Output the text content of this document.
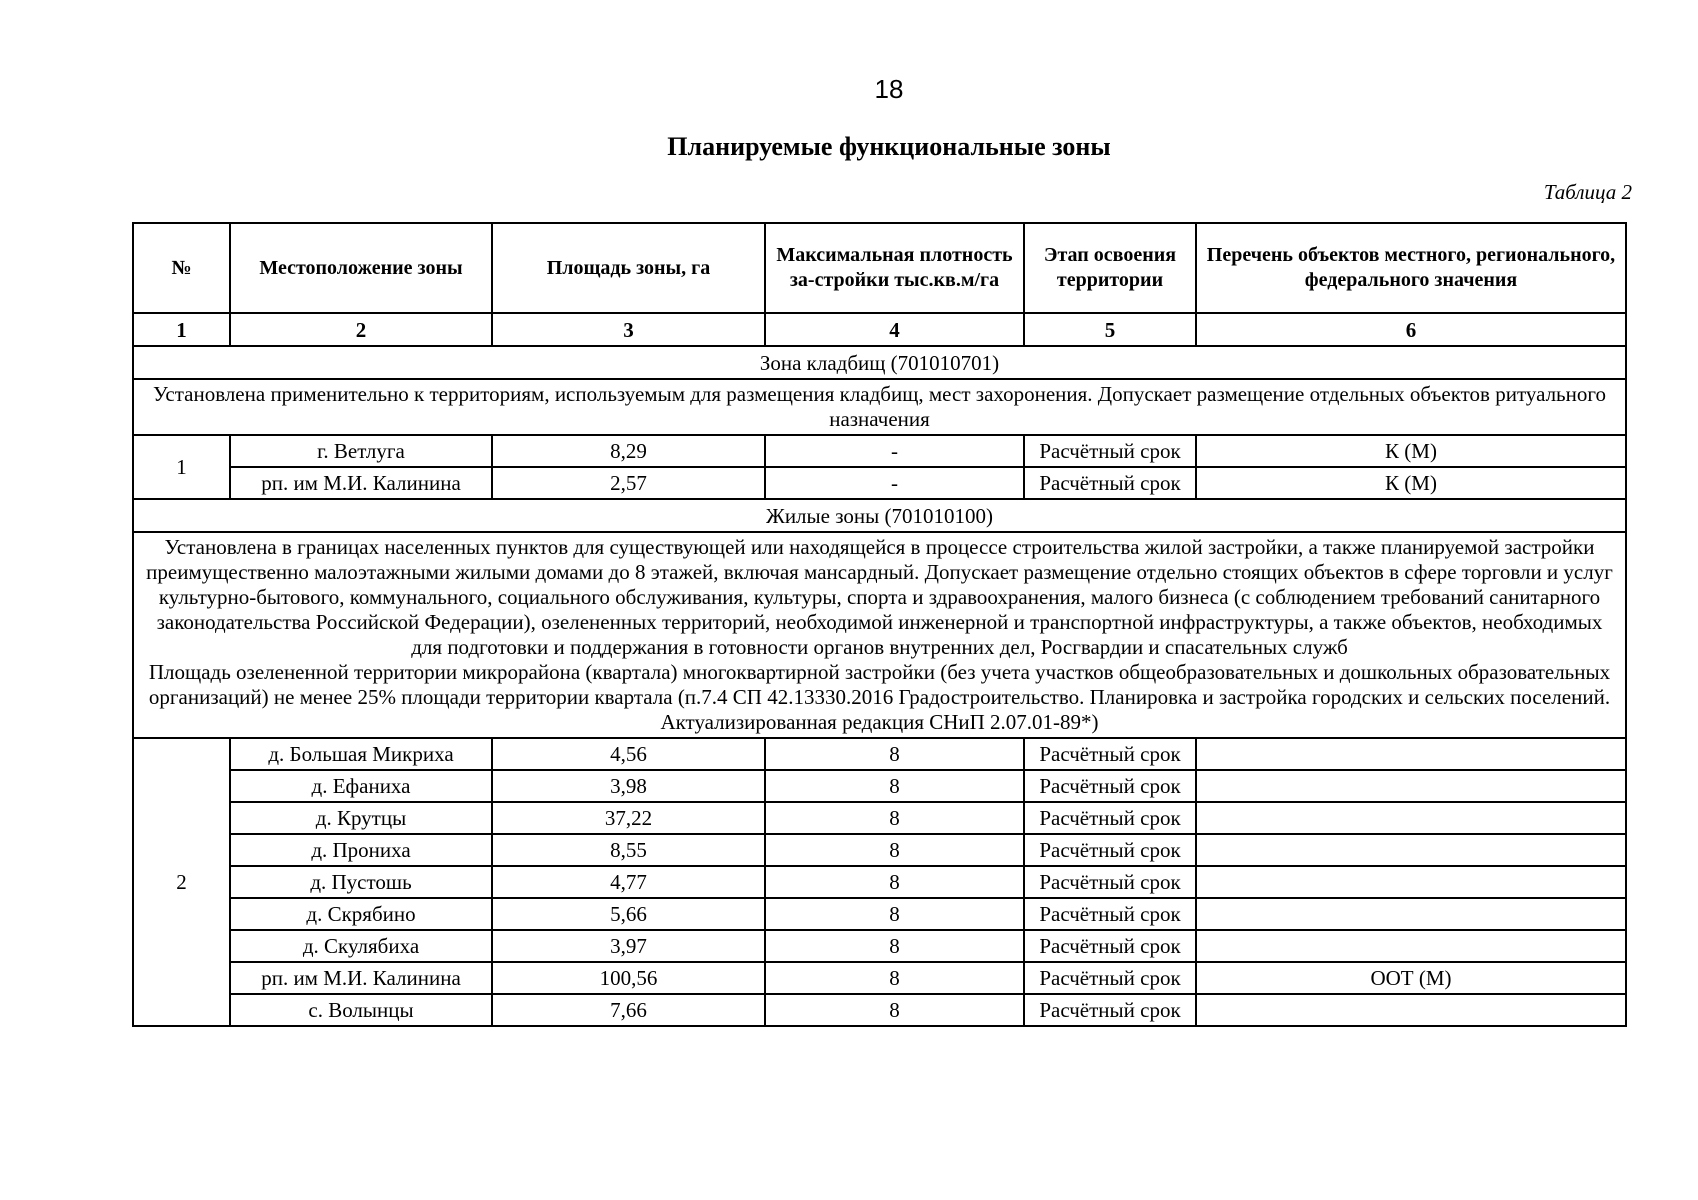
18
Планируемые функциональные зоны
Таблица 2
№	Местоположение зоны	Площадь зоны, га	Максимальная плотность за-стройки тыс.кв.м/га	Этап освоения территории	Перечень объектов местного, регионального, федерального значения
1	2	3	4	5	6
Зона кладбищ (701010701)					
Установлена применительно к территориям, используемым для размещения кладбищ, мест захоронения. Допускает размещение отдельных объектов ритуального назначения					
1	г. Ветлуга	8,29	-	Расчётный срок	К (М)
	рп. им М.И. Калинина	2,57	-	Расчётный срок	К (М)
Жилые зоны (701010100)					
Установлена в границах населенных пунктов для существующей или находящейся в процессе строительства жилой застройки, а также планируемой застройки преимущественно малоэтажными жилыми домами до 8 этажей, включая мансардный. Допускает размещение отдельно стоящих объектов в сфере торговли и услуг культурно-бытового, коммунального, социального обслуживания, культуры, спорта и здравоохранения, малого бизнеса (с соблюдением требований санитарного законодательства Российской Федерации), озелененных территорий, необходимой инженерной и транспортной инфраструктуры, а также объектов, необходимых для подготовки и поддержания в готовности органов внутренних дел, Росгвардии и спасательных служб
Площадь озелененной территории микрорайона (квартала) многоквартирной застройки (без учета участков общеобразовательных и дошкольных образовательных организаций) не менее 25% площади территории квартала (п.7.4 СП 42.13330.2016 Градостроительство. Планировка и застройка городских и сельских поселений. Актуализированная редакция СНиП 2.07.01-89*)					
2	д. Большая Микриха	4,56	8	Расчётный срок	
	д. Ефаниха	3,98	8	Расчётный срок	
	д. Крутцы	37,22	8	Расчётный срок	
	д. Прониха	8,55	8	Расчётный срок	
	д. Пустошь	4,77	8	Расчётный срок	
	д. Скрябино	5,66	8	Расчётный срок	
	д. Скулябиха	3,97	8	Расчётный срок	
	рп. им М.И. Калинина	100,56	8	Расчётный срок	ООТ (М)
	с. Волынцы	7,66	8	Расчётный срок	
